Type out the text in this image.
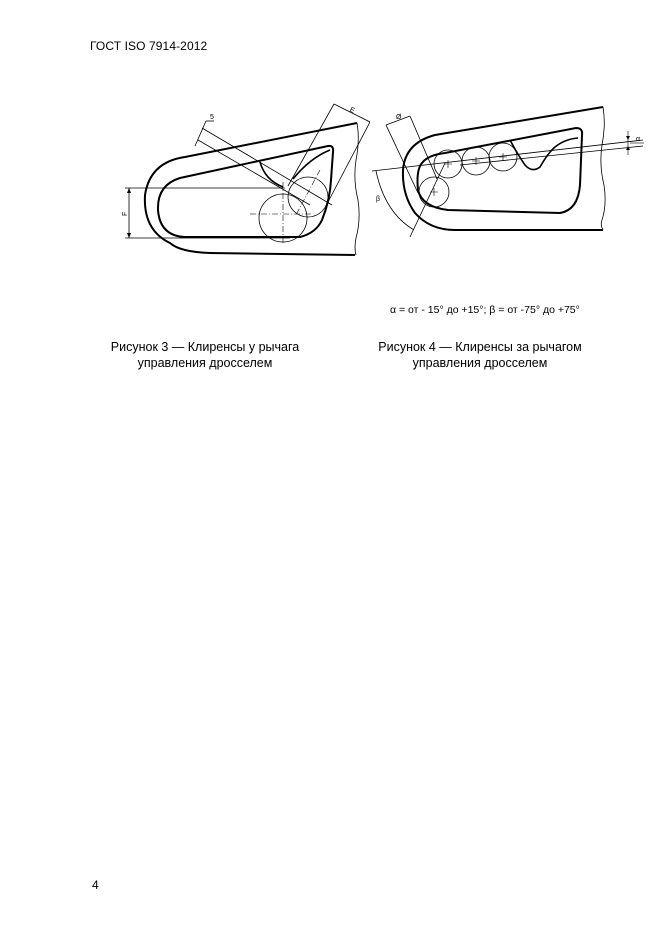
ГОСТ ISO 7914-2012
5
E
F
α
Ø
β
α = от - 15° до +15°; β = от -75° до +75°
Рисунок 3 — Клиренсы у рычага
управления дросселем
Рисунок 4 — Клиренсы за рычагом
управления дросселем
4
